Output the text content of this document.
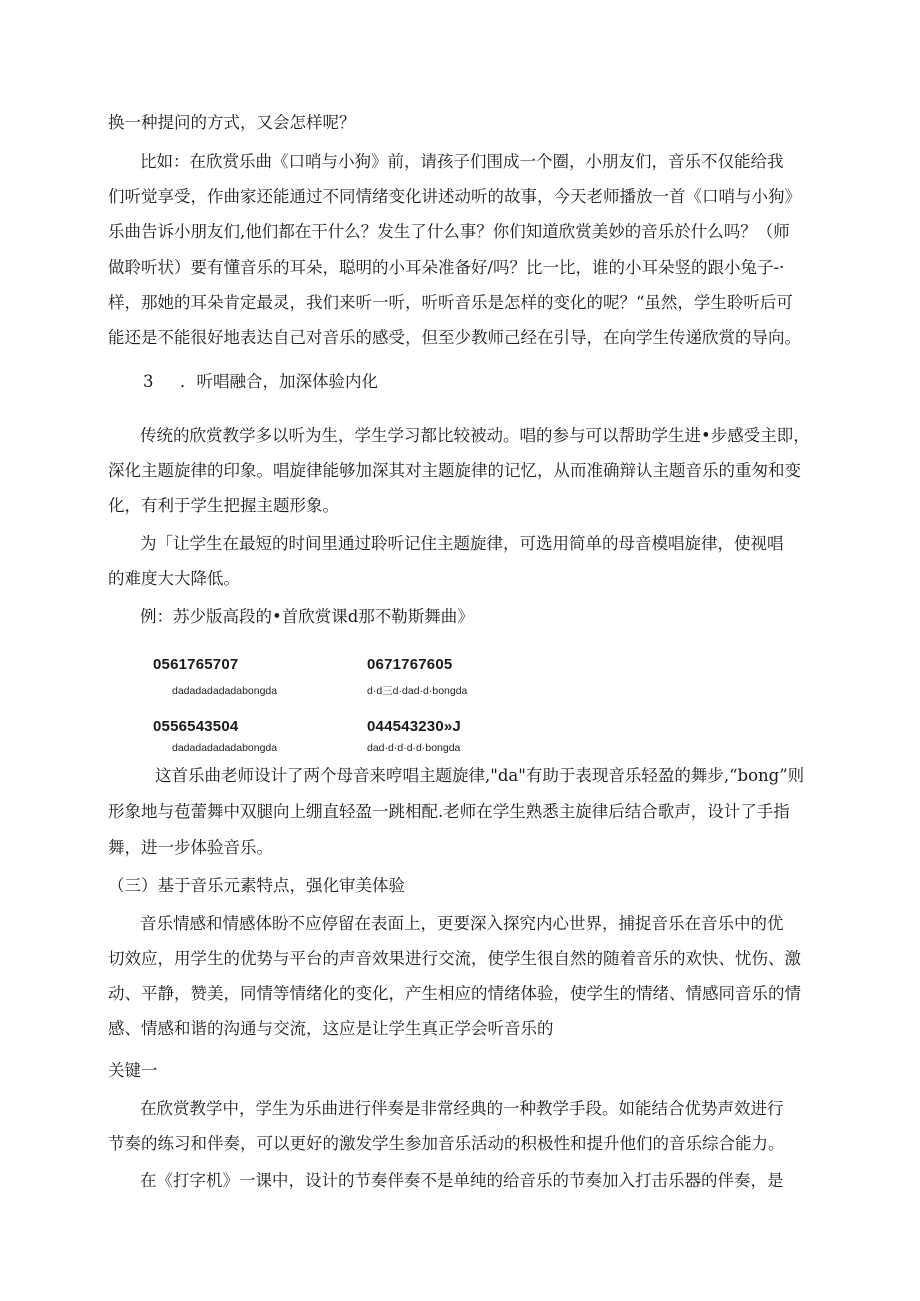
换一种提问的方式，又会怎样呢？
比如：在欣赏乐曲《口哨与小狗》前，请孩子们围成一个圈，小朋友们，音乐不仅能给我
们听觉享受，作曲家还能通过不同情绪变化讲述动听的故事，今天老师播放一首《口哨与小狗》
乐曲告诉小朋友们,他们都在干什么？发生了什么事？你们知道欣赏美妙的音乐於什么吗？（师
做聆听状）要有懂音乐的耳朵，聪明的小耳朵准备好/吗？比一比，谁的小耳朵竖的跟小兔子-·
样，那她的耳朵肯定最灵，我们来听一听，听听音乐是怎样的变化的呢？“虽然，学生聆听后可
能还是不能很好地表达自己对音乐的感受，但至少教师己经在引导，在向学生传递欣赏的导向。
3	．听唱融合，加深体验内化
传统的欣赏教学多以听为生，学生学习都比较被动。唱的参与可以帮助学生进•步感受主即，
深化主题旋律的印象。唱旋律能够加深其对主题旋律的记忆，从而准确辩认主题音乐的重匆和变
化，有利于学生把握主题形象。
为「让学生在最短的时间里通过聆听记住主题旋律，可选用简单的母音模唱旋律，使视唱
的难度大大降低。
例：苏少版高段的•首欣赏课d那不勒斯舞曲》
0561765707	0671767605
dadadadadadabongda	d·d三d·dad·d·bongda
0556543504	044543230»J
dadadadadadabongda	dad·d·d·d·d·bongda
这首乐曲老师设计了两个母音来哼唱主题旋律,"da"有助于表现音乐轻盈的舞步,“bong”则
形象地与苞蕾舞中双腿向上绷直轻盈一跳相配.老师在学生熟悉主旋律后结合歌声，设计了手指
舞，进一步体验音乐。
（三）基于音乐元素特点，强化审美体验
音乐情感和情感体盼不应停留在表面上，更要深入探究内心世界，捕捉音乐在音乐中的优
切效应，用学生的优势与平台的声音效果进行交流，使学生很自然的随着音乐的欢快、忧伤、激
动、平静，赞美，同情等情绪化的变化，产生相应的情绪体验，使学生的情绪、情感同音乐的情
感、情感和谐的沟通与交流，这应是让学生真正学会听音乐的
关键一
在欣赏教学中，学生为乐曲进行伴奏是非常经典的一种教学手段。如能结合优势声效进行
节奏的练习和伴奏，可以更好的激发学生参加音乐活动的积极性和提升他们的音乐综合能力。
在《打字机》一课中，设计的节奏伴奏不是单纯的给音乐的节奏加入打击乐器的伴奏，是
